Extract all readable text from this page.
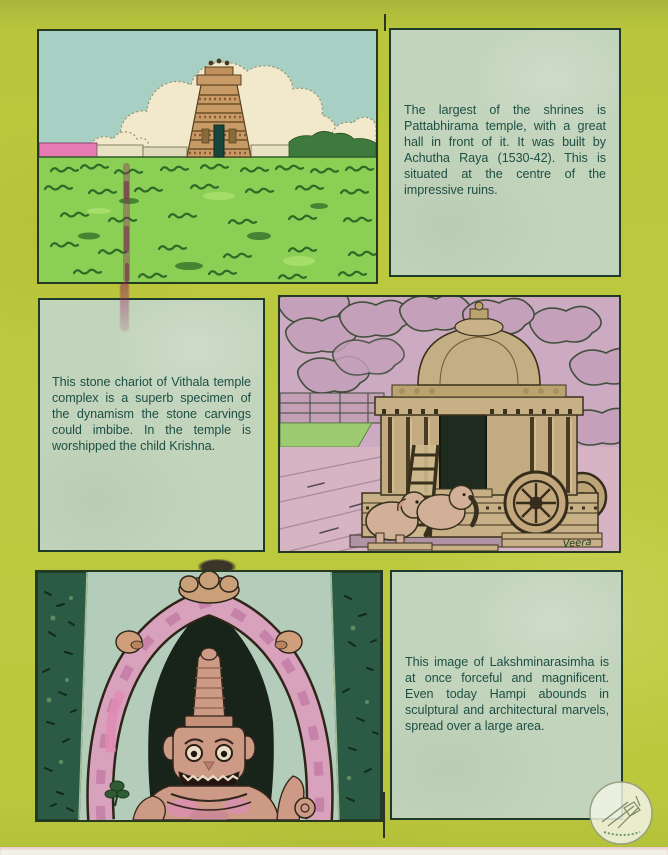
The largest of the shrines is Pattabhirama temple, with a great hall in front of it. It was built by Achutha Raya (1530-42). This is situated at the centre of the impressive ruins.

This stone chariot of Vithala temple complex is a superb specimen of the dynamism the stone carvings could imbibe. In the temple is worshipped the child Krishna.

Veera

This image of Lakshminarasimha is at once forceful and magnificent. Even today Hampi abounds in sculptural and architectural marvels, spread over a large area.
